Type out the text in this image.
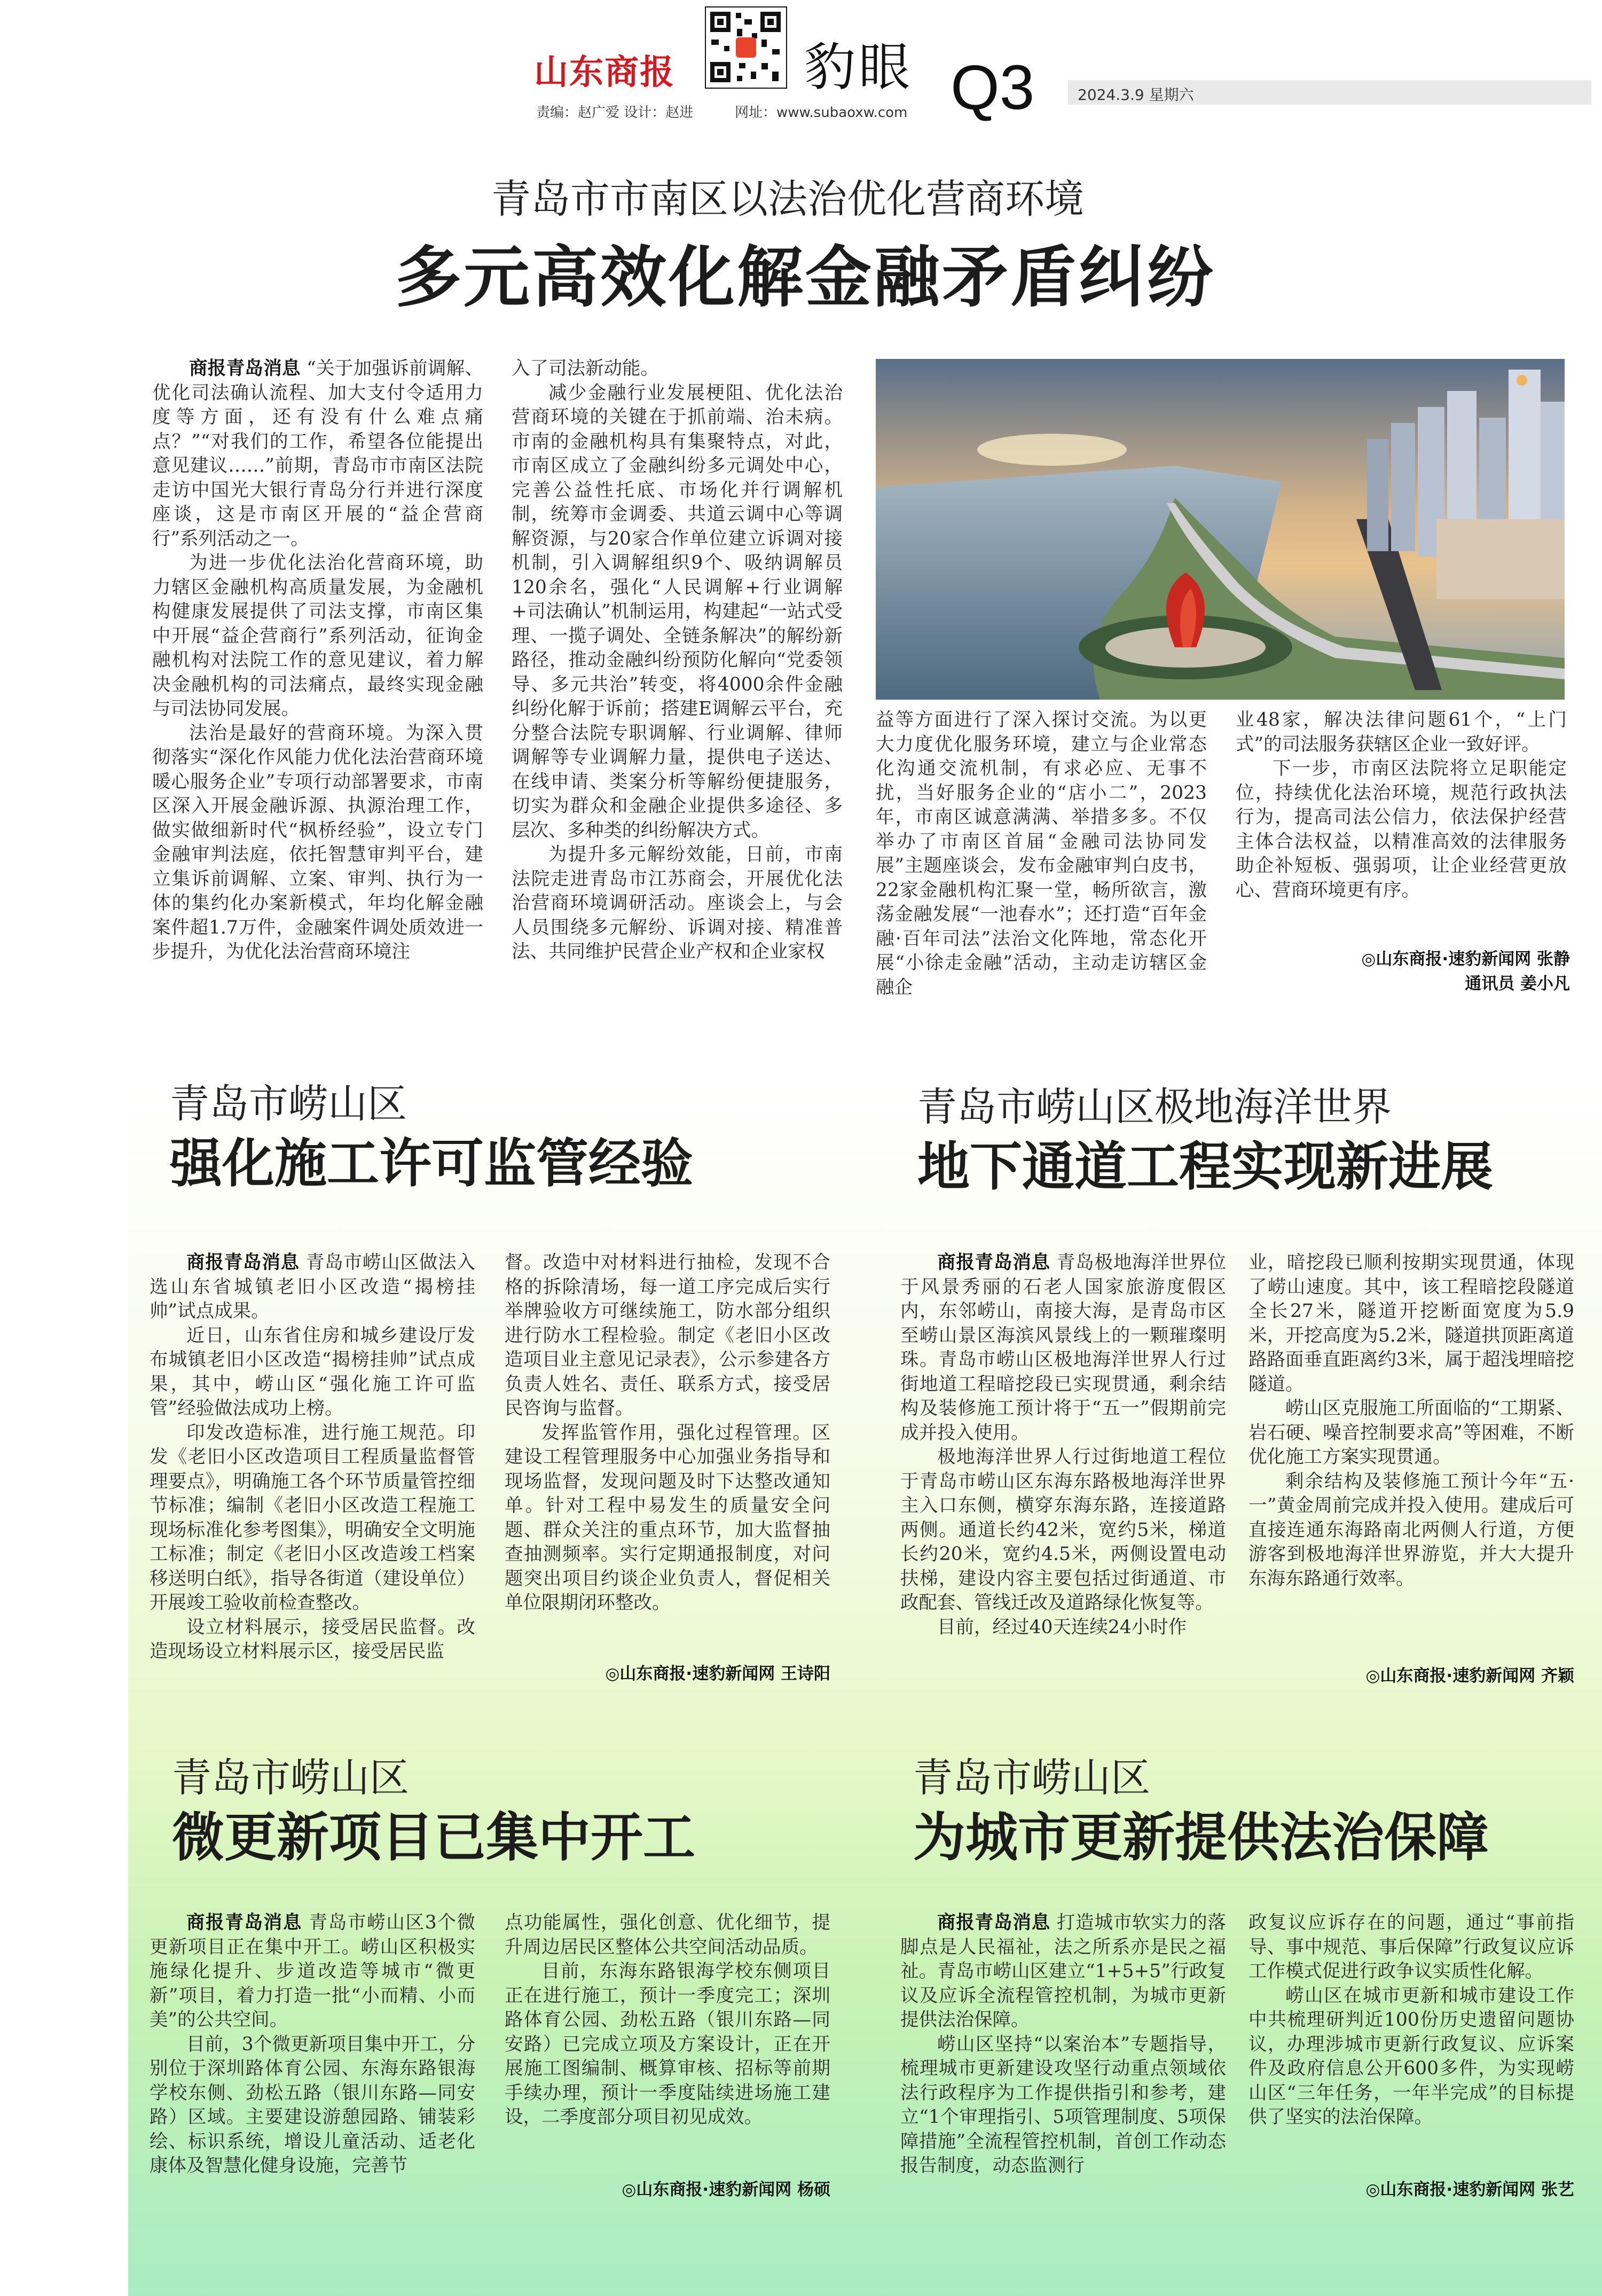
山东商报	豹眼 Q3
责编：赵广爱 设计：赵进	网址：www.subaoxw.com
2024.3.9 星期六
青岛市市南区以法治优化营商环境
多元高效化解金融矛盾纠纷

商报青岛消息 “关于加强诉前调解、优化司法确认流程、加大支付令适用力度等方面，还有没有什么难点痛点？”“对我们的工作，希望各位能提出意见建议……”前期，青岛市市南区法院走访中国光大银行青岛分行并进行深度座谈，这是市南区开展的“益企营商行”系列活动之一。

为进一步优化法治化营商环境，助力辖区金融机构高质量发展，为金融机构健康发展提供了司法支撑，市南区集中开展“益企营商行”系列活动，征询金融机构对法院工作的意见建议，着力解决金融机构的司法痛点，最终实现金融与司法协同发展。

法治是最好的营商环境。为深入贯彻落实“深化作风能力优化法治营商环境暖心服务企业”专项行动部署要求，市南区深入开展金融诉源、执源治理工作，做实做细新时代“枫桥经验”，设立专门金融审判法庭，依托智慧审判平台，建立集诉前调解、立案、审判、执行为一体的集约化办案新模式，年均化解金融案件超1.7万件，金融案件调处质效进一步提升，为优化法治营商环境注

入了司法新动能。

减少金融行业发展梗阻、优化法治营商环境的关键在于抓前端、治未病。市南的金融机构具有集聚特点，对此，市南区成立了金融纠纷多元调处中心，完善公益性托底、市场化并行调解机制，统筹市金调委、共道云调中心等调解资源，与20家合作单位建立诉调对接机制，引入调解组织9个、吸纳调解员120余名，强化“人民调解+行业调解+司法确认”机制运用，构建起“一站式受理、一揽子调处、全链条解决”的解纷新路径，推动金融纠纷预防化解向“党委领导、多元共治”转变，将4000余件金融纠纷化解于诉前；搭建E调解云平台，充分整合法院专职调解、行业调解、律师调解等专业调解力量，提供电子送达、在线申请、类案分析等解纷便捷服务，切实为群众和金融企业提供多途径、多层次、多种类的纠纷解决方式。

为提升多元解纷效能，日前，市南法院走进青岛市江苏商会，开展优化法治营商环境调研活动。座谈会上，与会人员围绕多元解纷、诉调对接、精准普法、共同维护民营企业产权和企业家权

益等方面进行了深入探讨交流。为以更大力度优化服务环境，建立与企业常态化沟通交流机制，有求必应、无事不扰，当好服务企业的“店小二”，2023年，市南区诚意满满、举措多多。不仅举办了市南区首届“金融司法协同发展”主题座谈会，发布金融审判白皮书，22家金融机构汇聚一堂，畅所欲言，激荡金融发展“一池春水”；还打造“百年金融·百年司法”法治文化阵地，常态化开展“小徐走金融”活动，主动走访辖区金融企

业48家，解决法律问题61个，“上门式”的司法服务获辖区企业一致好评。

下一步，市南区法院将立足职能定位，持续优化法治环境，规范行政执法行为，提高司法公信力，依法保护经营主体合法权益，以精准高效的法律服务助企补短板、强弱项，让企业经营更放心、营商环境更有序。

◎山东商报·速豹新闻网 张静
通讯员 姜小凡
青岛市崂山区
强化施工许可监管经验

商报青岛消息 青岛市崂山区做法入选山东省城镇老旧小区改造“揭榜挂帅”试点成果。

近日，山东省住房和城乡建设厅发布城镇老旧小区改造“揭榜挂帅”试点成果，其中，崂山区“强化施工许可监管”经验做法成功上榜。

印发改造标准，进行施工规范。印发《老旧小区改造项目工程质量监督管理要点》，明确施工各个环节质量管控细节标准；编制《老旧小区改造工程施工现场标准化参考图集》，明确安全文明施工标准；制定《老旧小区改造竣工档案移送明白纸》，指导各街道（建设单位）开展竣工验收前检查整改。

设立材料展示，接受居民监督。改造现场设立材料展示区，接受居民监

督。改造中对材料进行抽检，发现不合格的拆除清场，每一道工序完成后实行举牌验收方可继续施工，防水部分组织进行防水工程检验。制定《老旧小区改造项目业主意见记录表》，公示参建各方负责人姓名、责任、联系方式，接受居民咨询与监督。

发挥监管作用，强化过程管理。区建设工程管理服务中心加强业务指导和现场监督，发现问题及时下达整改通知单。针对工程中易发生的质量安全问题、群众关注的重点环节，加大监督抽查抽测频率。实行定期通报制度，对问题突出项目约谈企业负责人，督促相关单位限期闭环整改。

◎山东商报·速豹新闻网 王诗阳
青岛市崂山区极地海洋世界
地下通道工程实现新进展

商报青岛消息 青岛极地海洋世界位于风景秀丽的石老人国家旅游度假区内，东邻崂山，南接大海，是青岛市区至崂山景区海滨风景线上的一颗璀璨明珠。青岛市崂山区极地海洋世界人行过街地道工程暗挖段已实现贯通，剩余结构及装修施工预计将于“五一”假期前完成并投入使用。

极地海洋世界人行过街地道工程位于青岛市崂山区东海东路极地海洋世界主入口东侧，横穿东海东路，连接道路两侧。通道长约42米，宽约5米，梯道长约20米，宽约4.5米，两侧设置电动扶梯，建设内容主要包括过街通道、市政配套、管线迁改及道路绿化恢复等。

目前，经过40天连续24小时作

业，暗挖段已顺利按期实现贯通，体现了崂山速度。其中，该工程暗挖段隧道全长27米，隧道开挖断面宽度为5.9米，开挖高度为5.2米，隧道拱顶距离道路路面垂直距离约3米，属于超浅埋暗挖隧道。

崂山区克服施工所面临的“工期紧、岩石硬、噪音控制要求高”等困难，不断优化施工方案实现贯通。

剩余结构及装修施工预计今年“五·一”黄金周前完成并投入使用。建成后可直接连通东海路南北两侧人行道，方便游客到极地海洋世界游览，并大大提升东海东路通行效率。

◎山东商报·速豹新闻网 齐颖
青岛市崂山区
微更新项目已集中开工

商报青岛消息 青岛市崂山区3个微更新项目正在集中开工。崂山区积极实施绿化提升、步道改造等城市“微更新”项目，着力打造一批“小而精、小而美”的公共空间。

目前，3个微更新项目集中开工，分别位于深圳路体育公园、东海东路银海学校东侧、劲松五路（银川东路—同安路）区域。主要建设游憩园路、铺装彩绘、标识系统，增设儿童活动、适老化康体及智慧化健身设施，完善节

点功能属性，强化创意、优化细节，提升周边居民区整体公共空间活动品质。

目前，东海东路银海学校东侧项目正在进行施工，预计一季度完工；深圳路体育公园、劲松五路（银川东路—同安路）已完成立项及方案设计，正在开展施工图编制、概算审核、招标等前期手续办理，预计一季度陆续进场施工建设，二季度部分项目初见成效。

◎山东商报·速豹新闻网 杨硕
青岛市崂山区
为城市更新提供法治保障

商报青岛消息 打造城市软实力的落脚点是人民福祉，法之所系亦是民之福祉。青岛市崂山区建立“1+5+5”行政复议及应诉全流程管控机制，为城市更新提供法治保障。

崂山区坚持“以案治本”专题指导，梳理城市更新建设攻坚行动重点领域依法行政程序为工作提供指引和参考，建立“1个审理指引、5项管理制度、5项保障措施”全流程管控机制，首创工作动态报告制度，动态监测行

政复议应诉存在的问题，通过“事前指导、事中规范、事后保障”行政复议应诉工作模式促进行政争议实质性化解。

崂山区在城市更新和城市建设工作中共梳理研判近100份历史遗留问题协议，办理涉城市更新行政复议、应诉案件及政府信息公开600多件，为实现崂山区“三年任务，一年半完成”的目标提供了坚实的法治保障。

◎山东商报·速豹新闻网 张艺
